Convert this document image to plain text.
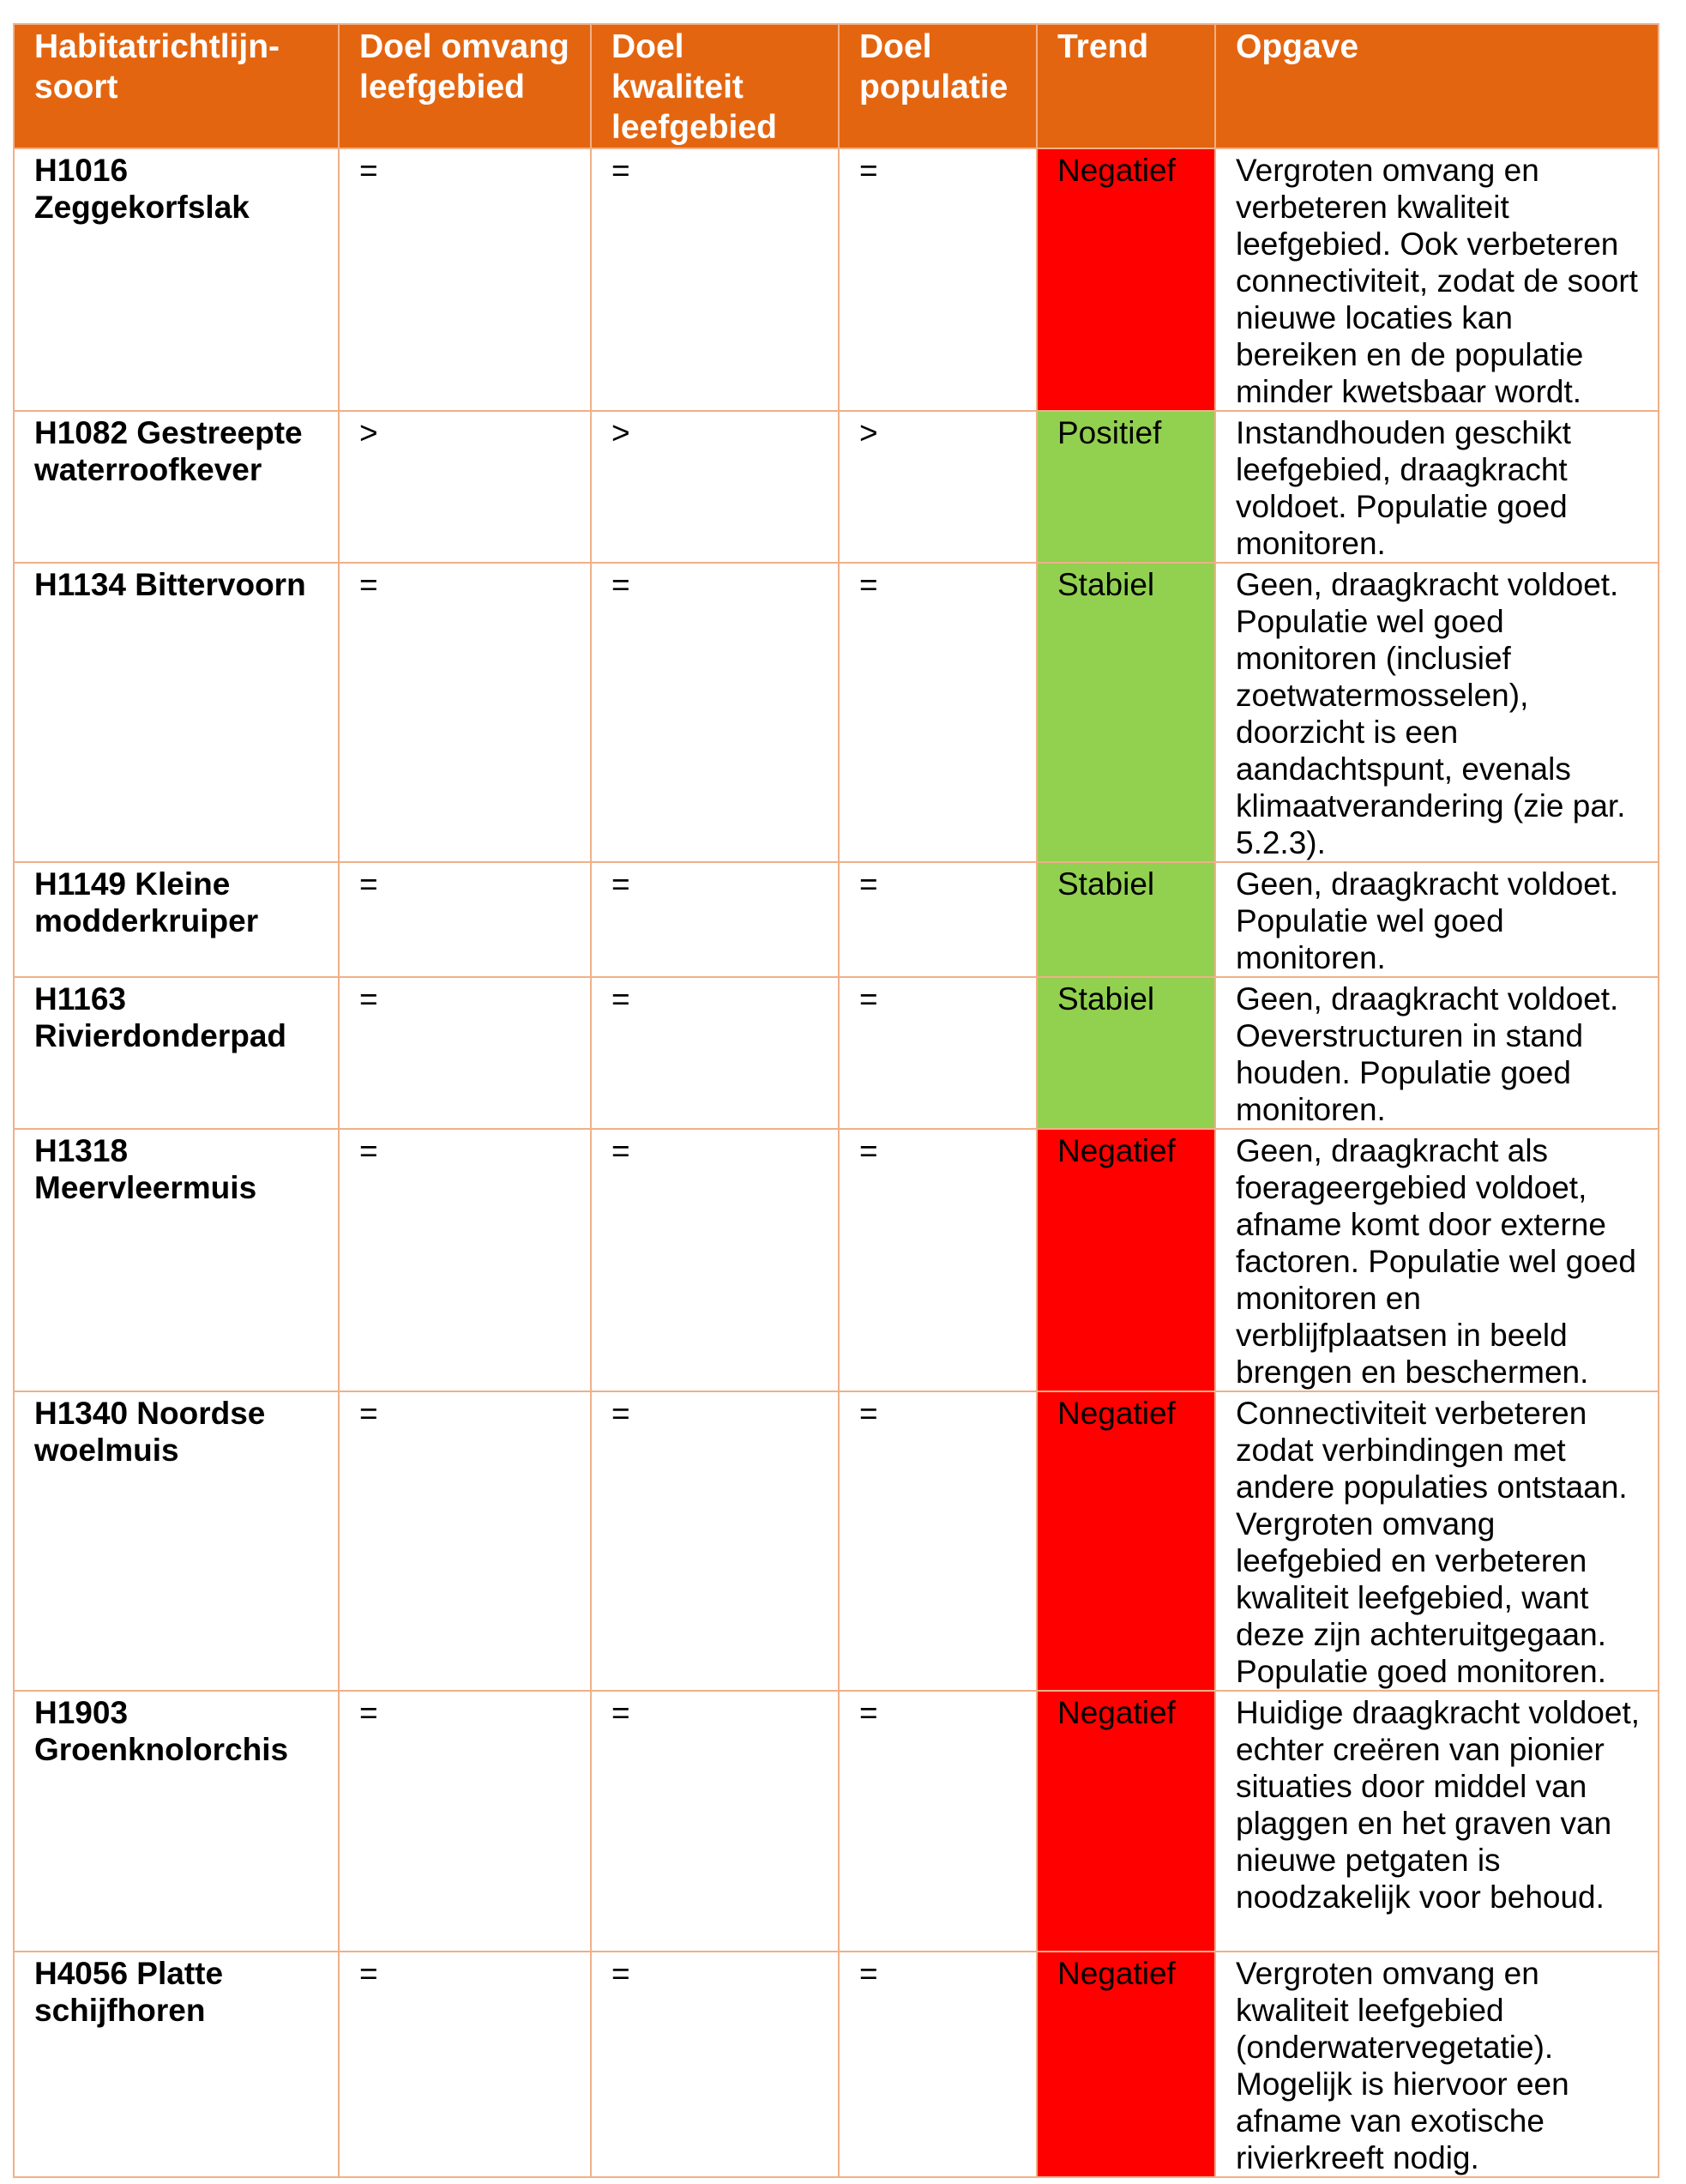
Habitatrichtlijn-soort	Doel omvang leefgebied	Doel kwaliteit leefgebied	Doel populatie	Trend	Opgave
H1016 Zeggekorfslak	=	=	=	Negatief	Vergroten omvang en verbeteren kwaliteit leefgebied. Ook verbeteren connectiviteit, zodat de soort nieuwe locaties kan bereiken en de populatie minder kwetsbaar wordt.
H1082 Gestreepte waterroofkever	>	>	>	Positief	Instandhouden geschikt leefgebied, draagkracht voldoet. Populatie goed monitoren.
H1134 Bittervoorn	=	=	=	Stabiel	Geen, draagkracht voldoet. Populatie wel goed monitoren (inclusief zoetwatermosselen), doorzicht is een aandachtspunt, evenals klimaatverandering (zie par. 5.2.3).
H1149 Kleine modderkruiper	=	=	=	Stabiel	Geen, draagkracht voldoet. Populatie wel goed monitoren.
H1163 Rivierdonderpad	=	=	=	Stabiel	Geen, draagkracht voldoet. Oeverstructuren in stand houden. Populatie goed monitoren.
H1318 Meervleermuis	=	=	=	Negatief	Geen, draagkracht als foerageergebied voldoet, afname komt door externe factoren. Populatie wel goed monitoren en verblijfplaatsen in beeld brengen en beschermen.
H1340 Noordse woelmuis	=	=	=	Negatief	Connectiviteit verbeteren zodat verbindingen met andere populaties ontstaan. Vergroten omvang leefgebied en verbeteren kwaliteit leefgebied, want deze zijn achteruitgegaan. Populatie goed monitoren.
H1903 Groenknolorchis	=	=	=	Negatief	Huidige draagkracht voldoet, echter creëren van pionier situaties door middel van plaggen en het graven van nieuwe petgaten is noodzakelijk voor behoud.
H4056 Platte schijfhoren	=	=	=	Negatief	Vergroten omvang en kwaliteit leefgebied (onderwatervegetatie). Mogelijk is hiervoor een afname van exotische rivierkreeft nodig.
